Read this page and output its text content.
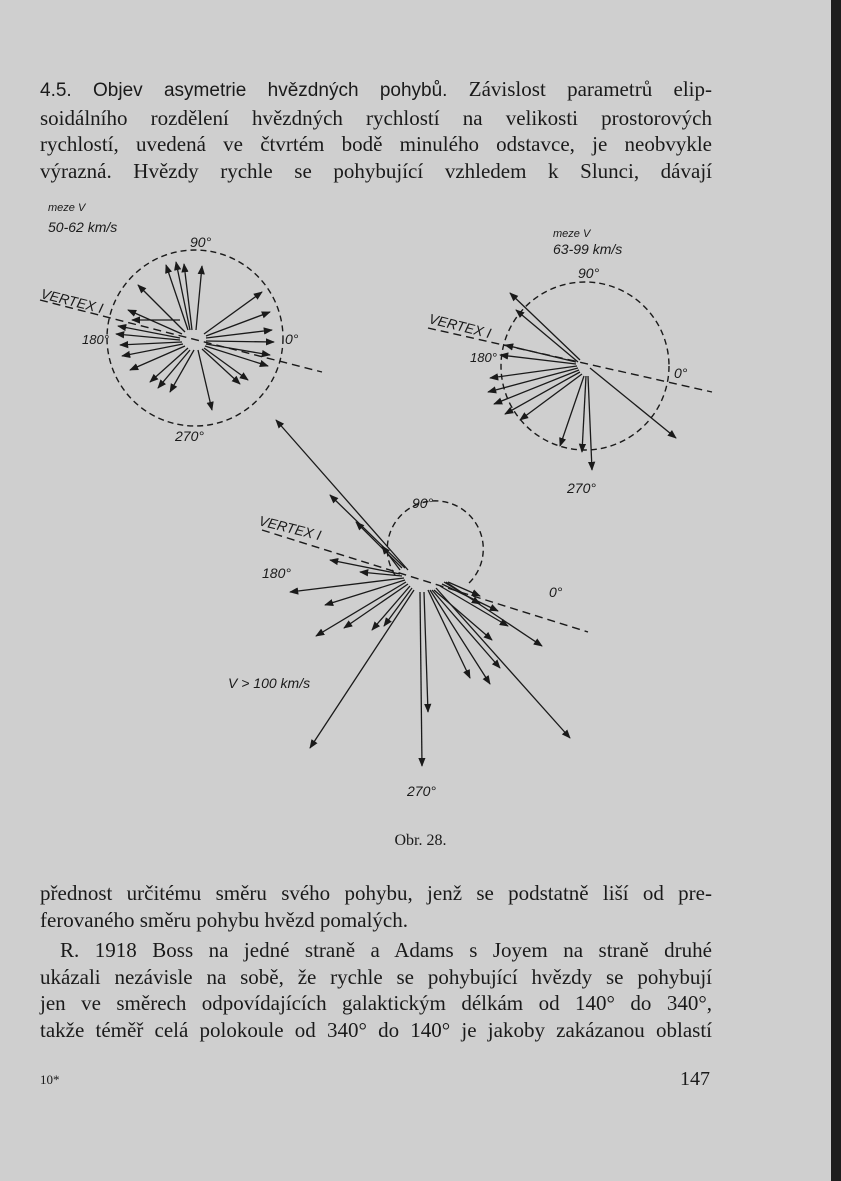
4.5. Objev asymetrie hvězdných pohybů. Závislost parametrů elip-
soidálního rozdělení hvězdných rychlostí na velikosti prostorových
rychlostí, uvedená ve čtvrtém bodě minulého odstavce, je neobvykle
výrazná. Hvězdy rychle se pohybující vzhledem k Slunci, dávají
meze V
50-62 km/s
VERTEX I
90°
180°	0°
270°
meze V
63-99 km/s
VERTEX I
90°
180°
0°
270°
VERTEX I
90°
180°
0°
270°
V > 100 km/s
Obr. 28.
přednost určitému směru svého pohybu, jenž se podstatně liší od pre-
ferovaného směru pohybu hvězd pomalých.
R. 1918 Boss na jedné straně a Adams s Joyem na straně druhé
ukázali nezávisle na sobě, že rychle se pohybující hvězdy se pohybují
jen ve směrech odpovídajících galaktickým délkám od 140° do 340°,
takže téměř celá polokoule od 340° do 140° je jakoby zakázanou oblastí
10*	147
